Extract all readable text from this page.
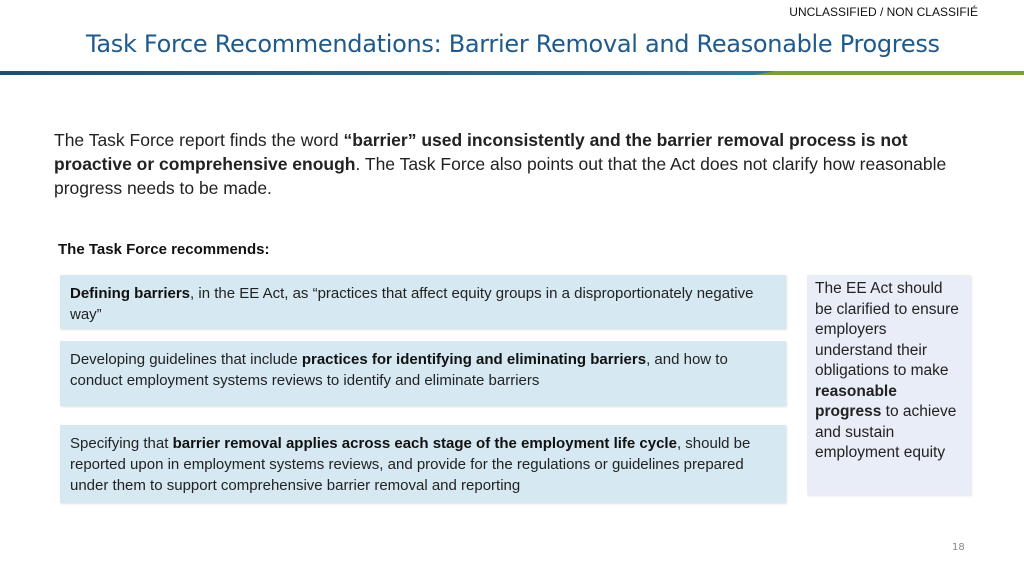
UNCLASSIFIED / NON CLASSIFIÉ
Task Force Recommendations: Barrier Removal and Reasonable Progress
The Task Force report finds the word “barrier” used inconsistently and the barrier removal process is not proactive or comprehensive enough. The Task Force also points out that the Act does not clarify how reasonable progress needs to be made.
The Task Force recommends:
Defining barriers, in the EE Act, as “practices that affect equity groups in a disproportionately negative way”
Developing guidelines that include practices for identifying and eliminating barriers, and how to conduct employment systems reviews to identify and eliminate barriers
Specifying that barrier removal applies across each stage of the employment life cycle, should be reported upon in employment systems reviews, and provide for the regulations or guidelines prepared under them to support comprehensive barrier removal and reporting
The EE Act should be clarified to ensure employers understand their obligations to make reasonable progress to achieve and sustain employment equity
18
